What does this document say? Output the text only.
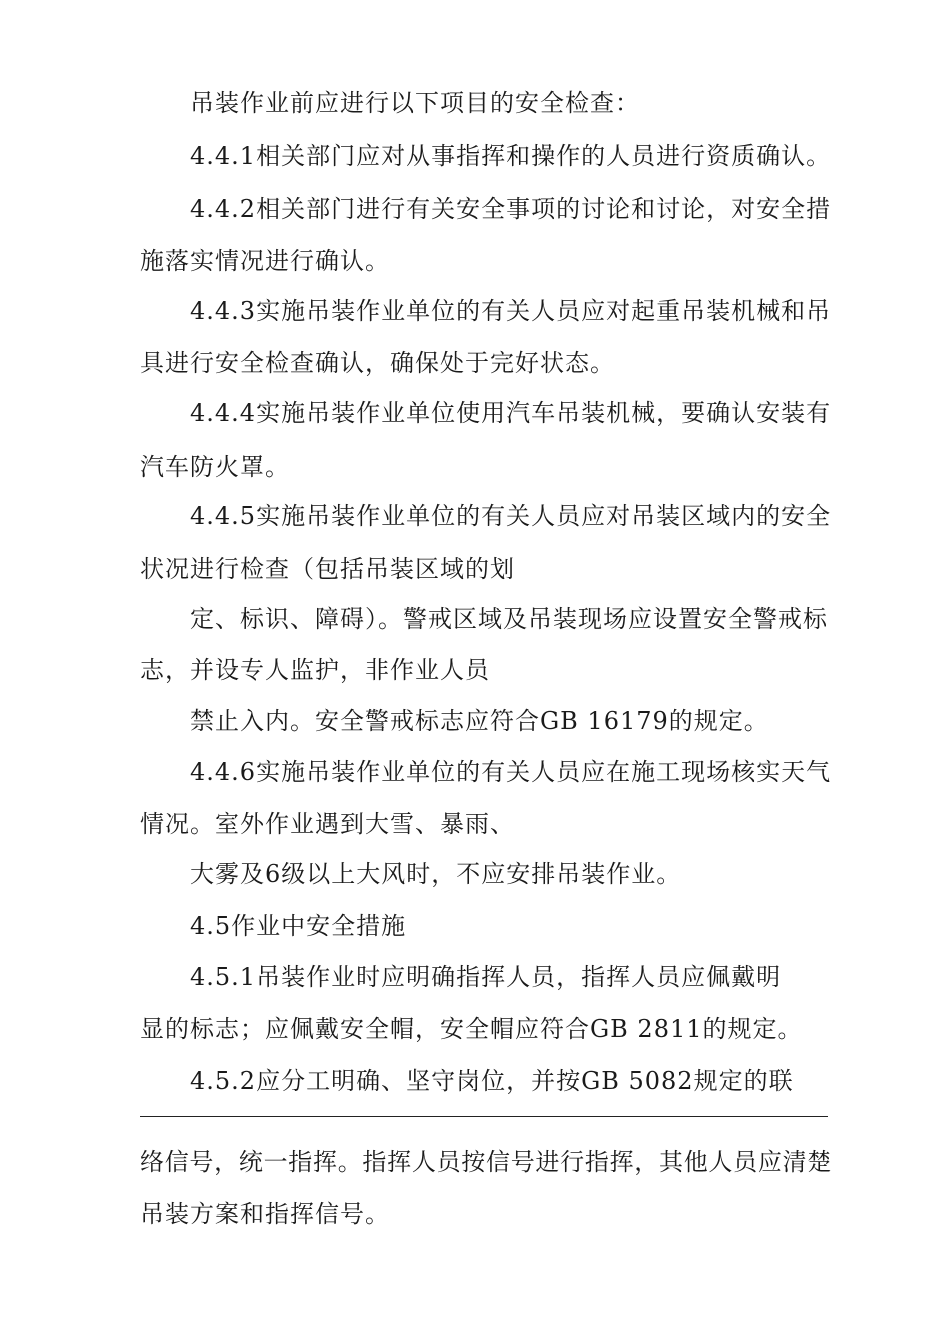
吊装作业前应进行以下项目的安全检查：
4.4.1相关部门应对从事指挥和操作的人员进行资质确认。
4.4.2相关部门进行有关安全事项的讨论和讨论，对安全措
施落实情况进行确认。
4.4.3实施吊装作业单位的有关人员应对起重吊装机械和吊
具进行安全检查确认，确保处于完好状态。
4.4.4实施吊装作业单位使用汽车吊装机械，要确认安装有
汽车防火罩。
4.4.5实施吊装作业单位的有关人员应对吊装区域内的安全
状况进行检查（包括吊装区域的划
定、标识、障碍）。警戒区域及吊装现场应设置安全警戒标
志，并设专人监护，非作业人员
禁止入内。安全警戒标志应符合GB 16179的规定。
4.4.6实施吊装作业单位的有关人员应在施工现场核实天气
情况。室外作业遇到大雪、暴雨、
大雾及6级以上大风时，不应安排吊装作业。
4.5作业中安全措施
4.5.1吊装作业时应明确指挥人员，指挥人员应佩戴明
显的标志；应佩戴安全帽，安全帽应符合GB 2811的规定。
4.5.2应分工明确、坚守岗位，并按GB 5082规定的联
络信号，统一指挥。指挥人员按信号进行指挥，其他人员应清楚
吊装方案和指挥信号。
